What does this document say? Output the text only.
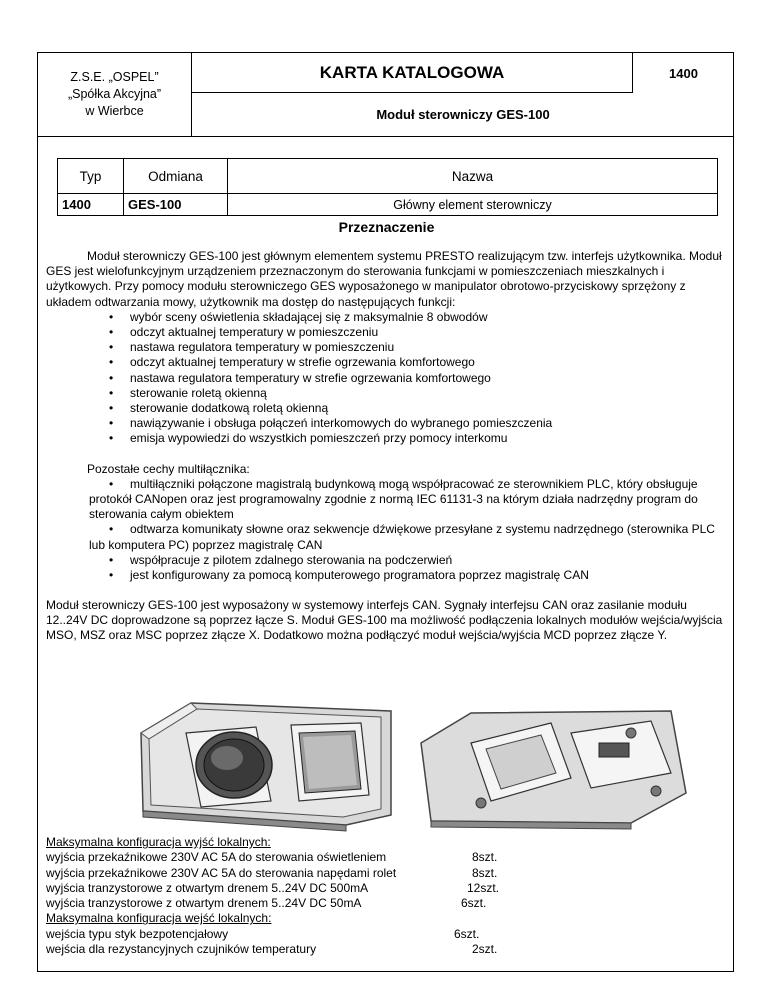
Z.S.E. „OSPEL”
„Spółka Akcyjna”
w Wierbce
KARTA KATALOGOWA	1400
Moduł sterowniczy GES-100
Typ	Odmiana	Nazwa
1400	GES-100	Główny element sterowniczy
Przeznaczenie

Moduł sterowniczy GES-100 jest głównym elementem systemu PRESTO realizującym tzw. interfejs użytkownika. Moduł GES jest wielofunkcyjnym urządzeniem przeznaczonym do sterowania funkcjami w pomieszczeniach mieszkalnych i użytkowych. Przy pomocy modułu sterowniczego GES wyposażonego w manipulator obrotowo-przyciskowy sprzężony z układem odtwarzania mowy, użytkownik ma dostęp do następujących funkcji:

• wybór sceny oświetlenia składającej się z maksymalnie 8 obwodów
• odczyt aktualnej temperatury w pomieszczeniu
• nastawa regulatora temperatury w pomieszczeniu
• odczyt aktualnej temperatury w strefie ogrzewania komfortowego
• nastawa regulatora temperatury w strefie ogrzewania komfortowego
• sterowanie roletą okienną
• sterowanie dodatkową roletą okienną
• nawiązywanie i obsługa połączeń interkomowych do wybranego pomieszczenia
• emisja wypowiedzi do wszystkich pomieszczeń przy pomocy interkomu

Pozostałe cechy multiłącznika:

• multiłączniki połączone magistralą budynkową mogą współpracować ze sterownikiem PLC, który obsługuje protokół CANopen oraz jest programowalny zgodnie z normą IEC 61131-3 na którym działa nadrzędny program do sterowania całym obiektem
• odtwarza komunikaty słowne oraz sekwencje dźwiękowe przesyłane z systemu nadrzędnego (sterownika PLC lub komputera PC) poprzez magistralę CAN
• współpracuje z pilotem zdalnego sterowania na podczerwień
• jest konfigurowany za pomocą komputerowego programatora poprzez magistralę CAN
Moduł sterowniczy GES-100 jest wyposażony w systemowy interfejs CAN. Sygnały interfejsu CAN oraz zasilanie modułu 12..24V DC doprowadzone są poprzez łącze S. Moduł GES-100 ma możliwość podłączenia lokalnych modułów wejścia/wyjścia MSO, MSZ oraz MSC poprzez złącze X. Dodatkowo można podłączyć moduł wejścia/wyjścia MCD poprzez złącze Y.
Maksymalna konfiguracja wyjść lokalnych:
wyjścia przekaźnikowe 230V AC 5A do sterowania oświetleniem	8szt.
wyjścia przekaźnikowe 230V AC 5A do sterowania napędami rolet	8szt.
wyjścia tranzystorowe z otwartym drenem 5..24V DC 500mA	12szt.
wyjścia tranzystorowe z otwartym drenem 5..24V DC 50mA	6szt.
Maksymalna konfiguracja wejść lokalnych:
wejścia typu styk bezpotencjałowy	6szt.
wejścia dla rezystancyjnych czujników temperatury	2szt.
